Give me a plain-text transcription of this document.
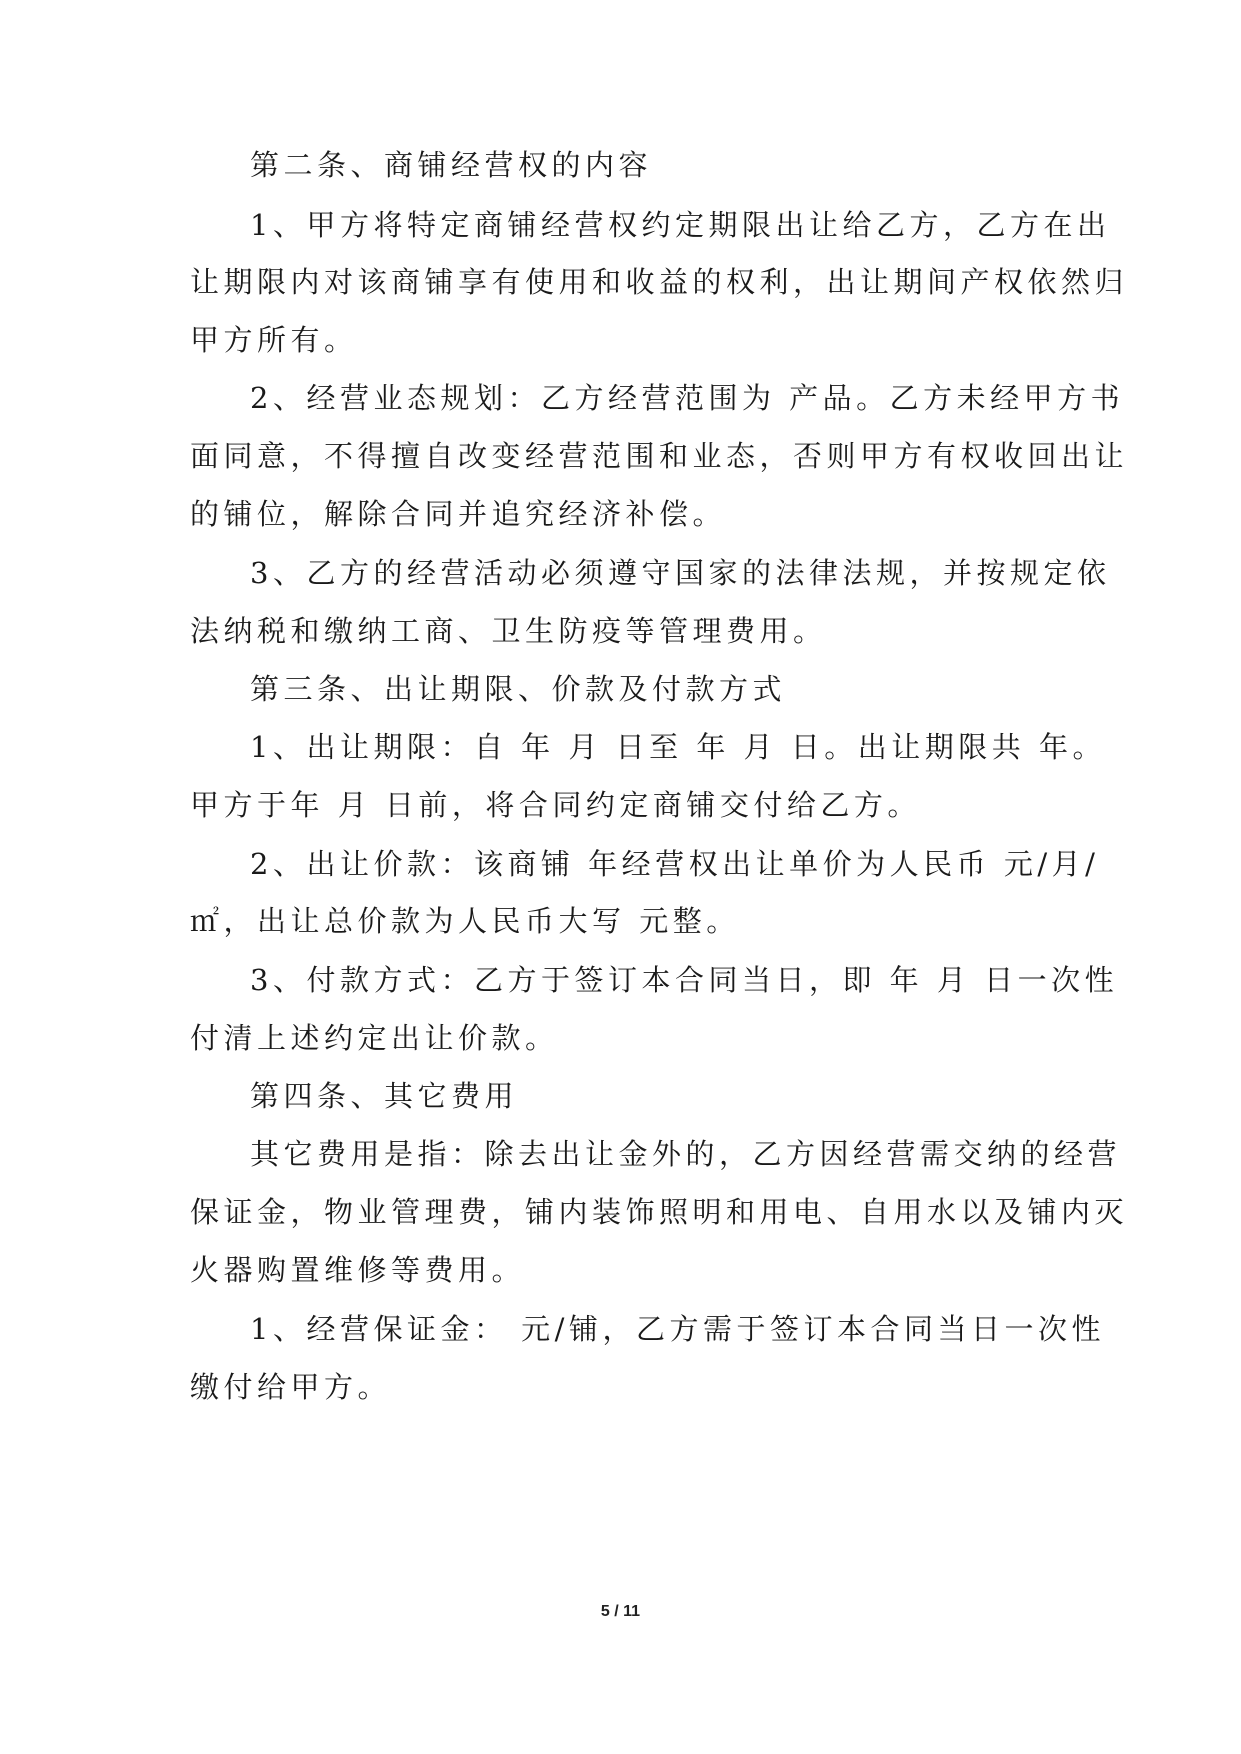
第二条、商铺经营权的内容
1、甲方将特定商铺经营权约定期限出让给乙方，乙方在出
让期限内对该商铺享有使用和收益的权利，出让期间产权依然归
甲方所有。
2、经营业态规划：乙方经营范围为 产品。乙方未经甲方书
面同意，不得擅自改变经营范围和业态，否则甲方有权收回出让
的铺位，解除合同并追究经济补偿。
3、乙方的经营活动必须遵守国家的法律法规，并按规定依
法纳税和缴纳工商、卫生防疫等管理费用。
第三条、出让期限、价款及付款方式
1、出让期限：自 年 月 日至 年 月 日。出让期限共 年。
甲方于年 月 日前，将合同约定商铺交付给乙方。
2、出让价款：该商铺 年经营权出让单价为人民币 元/月/
㎡，出让总价款为人民币大写 元整。
3、付款方式：乙方于签订本合同当日，即 年 月 日一次性
付清上述约定出让价款。
第四条、其它费用
其它费用是指：除去出让金外的，乙方因经营需交纳的经营
保证金，物业管理费，铺内装饰照明和用电、自用水以及铺内灭
火器购置维修等费用。
1、经营保证金： 元/铺，乙方需于签订本合同当日一次性
缴付给甲方。
5 / 11
